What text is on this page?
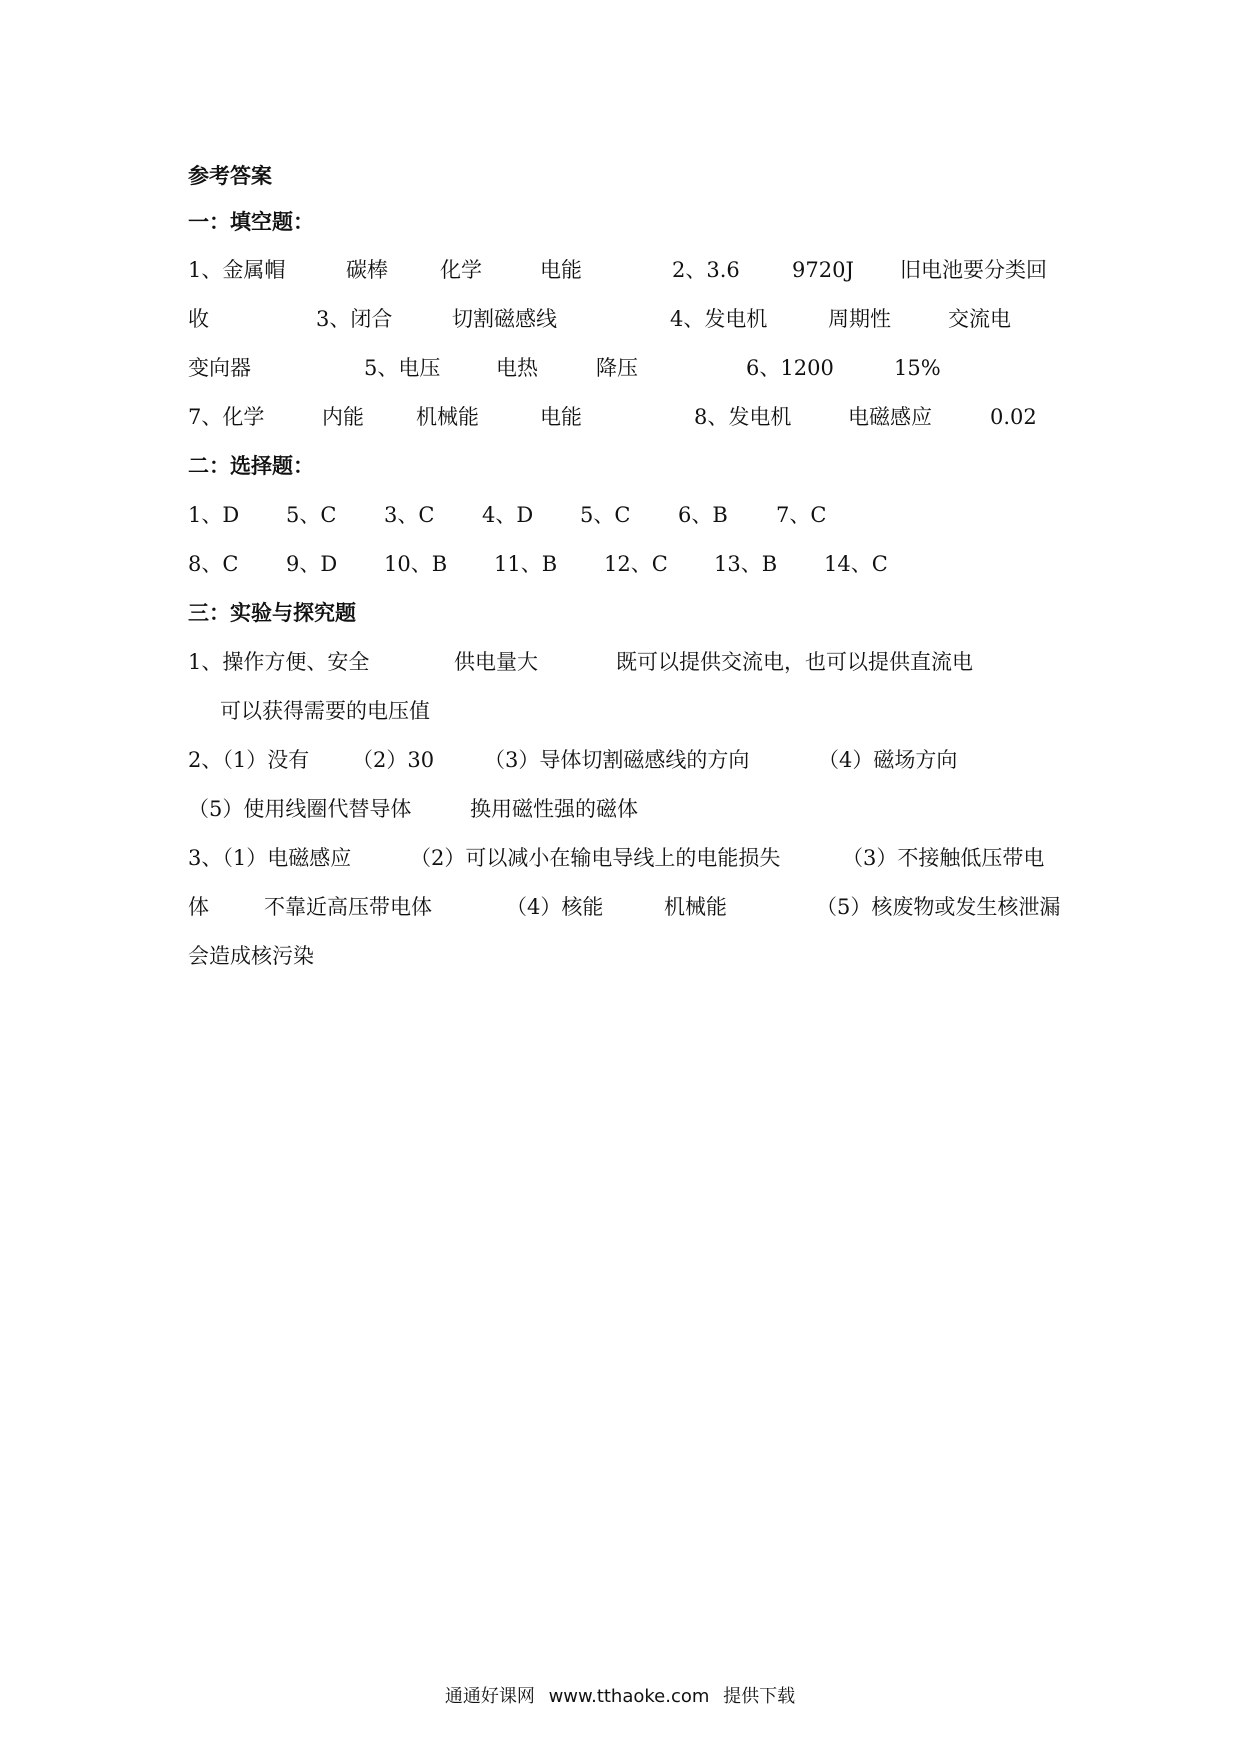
参考答案
一：填空题：
1、金属帽	碳棒 化学	电能	2、3.6 9720J 旧电池要分类回
收	3、闭合	切割磁感线	4、发电机	周期性	交流电
变向器	5、电压	电热	降压	6、1200	15%
7、化学	内能 机械能	电能	8、发电机	电磁感应	0.02
二：选择题：
1、D 5、C 3、C 4、D 5、C 6、B 7、C
8、C 9、D 10、B 11、B 12、C 13、B 14、C
三：实验与探究题
1、操作方便、安全	供电量大	既可以提供交流电，也可以提供直流电
可以获得需要的电压值
2、（1）没有 （2）30 （3）导体切割磁感线的方向	（4）磁场方向
（5）使用线圈代替导体	换用磁性强的磁体
3、（1）电磁感应	（2）可以减小在输电导线上的电能损失	（3）不接触低压带电
体	不靠近高压带电体	（4）核能	机械能	（5）核废物或发生核泄漏
会造成核污染
通通好课网 www.tthaoke.com 提供下载
